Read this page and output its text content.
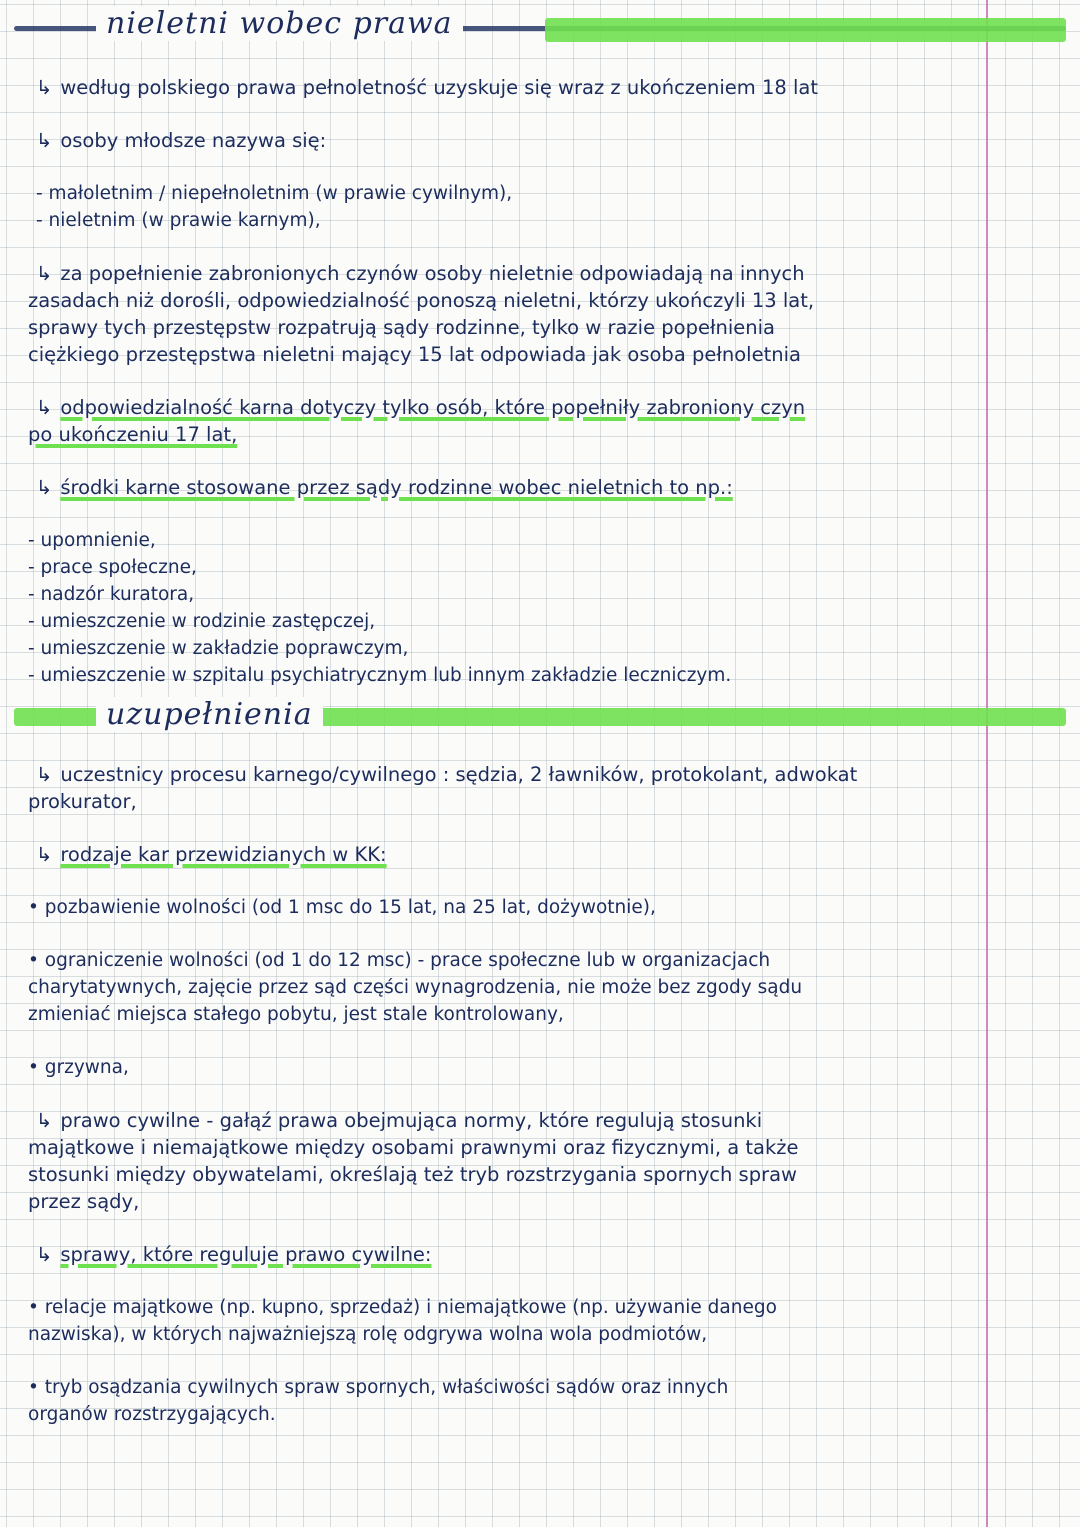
nieletni wobec prawa
↳ według polskiego prawa pełnoletność uzyskuje się wraz z ukończeniem 18 lat
↳ osoby młodsze nazywa się:
- małoletnim / niepełnoletnim (w prawie cywilnym),
- nieletnim (w prawie karnym),
↳ za popełnienie zabronionych czynów osoby nieletnie odpowiadają na innych
zasadach niż dorośli, odpowiedzialność ponoszą nieletni, którzy ukończyli 13 lat,
sprawy tych przestępstw rozpatrują sądy rodzinne, tylko w razie popełnienia
ciężkiego przestępstwa nieletni mający 15 lat odpowiada jak osoba pełnoletnia
↳ odpowiedzialność karna dotyczy tylko osób, które popełniły zabroniony czyn
po ukończeniu 17 lat,
↳ środki karne stosowane przez sądy rodzinne wobec nieletnich to np.:
- upomnienie,
- prace społeczne,
- nadzór kuratora,
- umieszczenie w rodzinie zastępczej,
- umieszczenie w zakładzie poprawczym,
- umieszczenie w szpitalu psychiatrycznym lub innym zakładzie leczniczym.
uzupełnienia
↳ uczestnicy procesu karnego/cywilnego : sędzia, 2 ławników, protokolant, adwokat
prokurator,
↳ rodzaje kar przewidzianych w KK:
• pozbawienie wolności (od 1 msc do 15 lat, na 25 lat, dożywotnie),
• ograniczenie wolności (od 1 do 12 msc) - prace społeczne lub w organizacjach
charytatywnych, zajęcie przez sąd części wynagrodzenia, nie może bez zgody sądu
zmieniać miejsca stałego pobytu, jest stale kontrolowany,
• grzywna,
↳ prawo cywilne - gałąź prawa obejmująca normy, które regulują stosunki
majątkowe i niemajątkowe między osobami prawnymi oraz fizycznymi, a także
stosunki między obywatelami, określają też tryb rozstrzygania spornych spraw
przez sądy,
↳ sprawy, które reguluje prawo cywilne:
• relacje majątkowe (np. kupno, sprzedaż) i niemajątkowe (np. używanie danego
nazwiska), w których najważniejszą rolę odgrywa wolna wola podmiotów,
• tryb osądzania cywilnych spraw spornych, właściwości sądów oraz innych
organów rozstrzygających.
